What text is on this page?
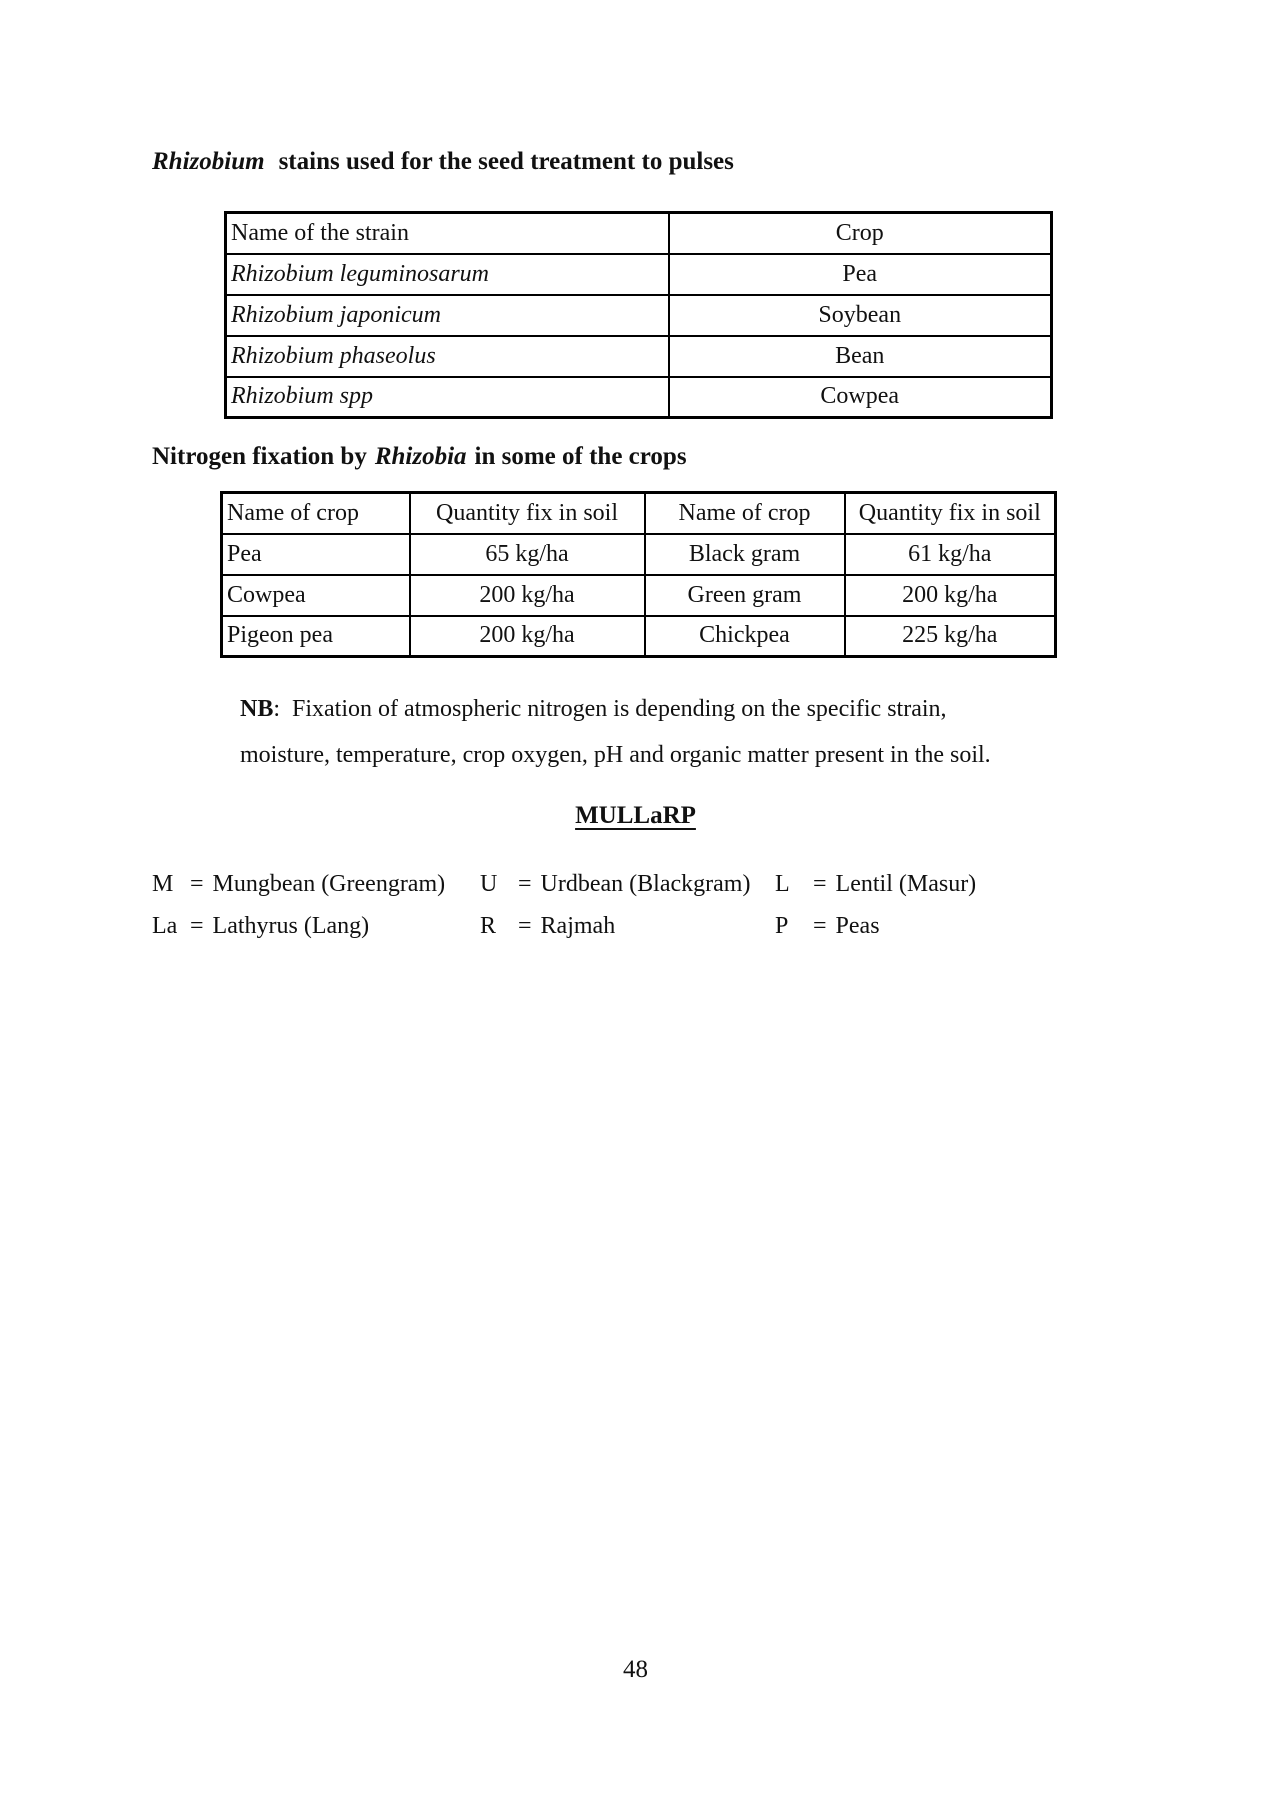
Rhizobium stains used for the seed treatment to pulses
Name of the strain	Crop
Rhizobium leguminosarum	Pea
Rhizobium japonicum	Soybean
Rhizobium phaseolus	Bean
Rhizobium spp	Cowpea
Nitrogen fixation by Rhizobia in some of the crops
Name of crop	Quantity fix in soil	Name of crop	Quantity fix in soil
Pea	65 kg/ha	Black gram	61 kg/ha
Cowpea	200 kg/ha	Green gram	200 kg/ha
Pigeon pea	200 kg/ha	Chickpea	225 kg/ha

NB: Fixation of atmospheric nitrogen is depending on the specific strain,
moisture, temperature, crop oxygen, pH and organic matter present in the soil.

MULLaRP
M = Mungbean (Greengram) U = Urdbean (Blackgram) L = Lentil (Masur)
La = Lathyrus (Lang)	R = Rajmah	P	= Peas
48
